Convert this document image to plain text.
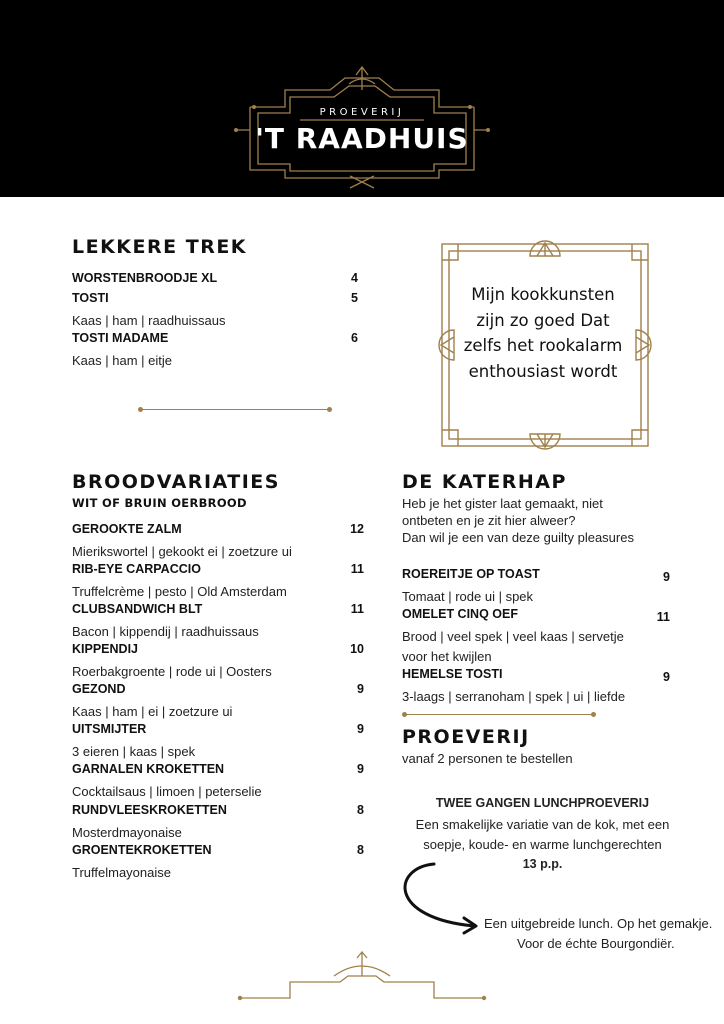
PROEVERIJ
'T RAADHUIS
LEKKERE TREK
WORSTENBROODJE XL	4
TOSTI	5
Kaas | ham | raadhuissaus
TOSTI MADAME	6
Kaas | ham | eitje
Mijn kookkunsten zijn zo goed Dat zelfs het rookalarm enthousiast wordt
BROODVARIATIES
WIT OF BRUIN OERBROOD
GEROOKTE ZALM	12
Mierikswortel | gekookt ei | zoetzure ui
RIB-EYE CARPACCIO	11
Truffelcrème | pesto | Old Amsterdam
CLUBSANDWICH BLT	11
Bacon | kippendij | raadhuissaus
KIPPENDIJ	10
Roerbakgroente | rode ui | Oosters
GEZOND	9
Kaas | ham | ei | zoetzure ui
UITSMIJTER	9
3 eieren | kaas | spek
GARNALEN KROKETTEN	9
Cocktailsaus | limoen | peterselie
RUNDVLEESKROKETTEN	8
Mosterdmayonaise
GROENTEKROKETTEN	8
Truffelmayonaise
DE KATERHAP
Heb je het gister laat gemaakt, niet
ontbeten en je zit hier alweer?
Dan wil je een van deze guilty pleasures
ROEREITJE OP TOAST	9
Tomaat | rode ui | spek
OMELET CINQ OEF	11
Brood | veel spek | veel kaas | servetje
voor het kwijlen
HEMELSE TOSTI	9
3-laags | serranoham | spek | ui | liefde
PROEVERIJ
vanaf 2 personen te bestellen
TWEE GANGEN LUNCHPROEVERIJ
Een smakelijke variatie van de kok, met een
soepje, koude- en warme lunchgerechten
13 p.p.
Een uitgebreide lunch. Op het gemakje.
Voor de échte Bourgondiër.
